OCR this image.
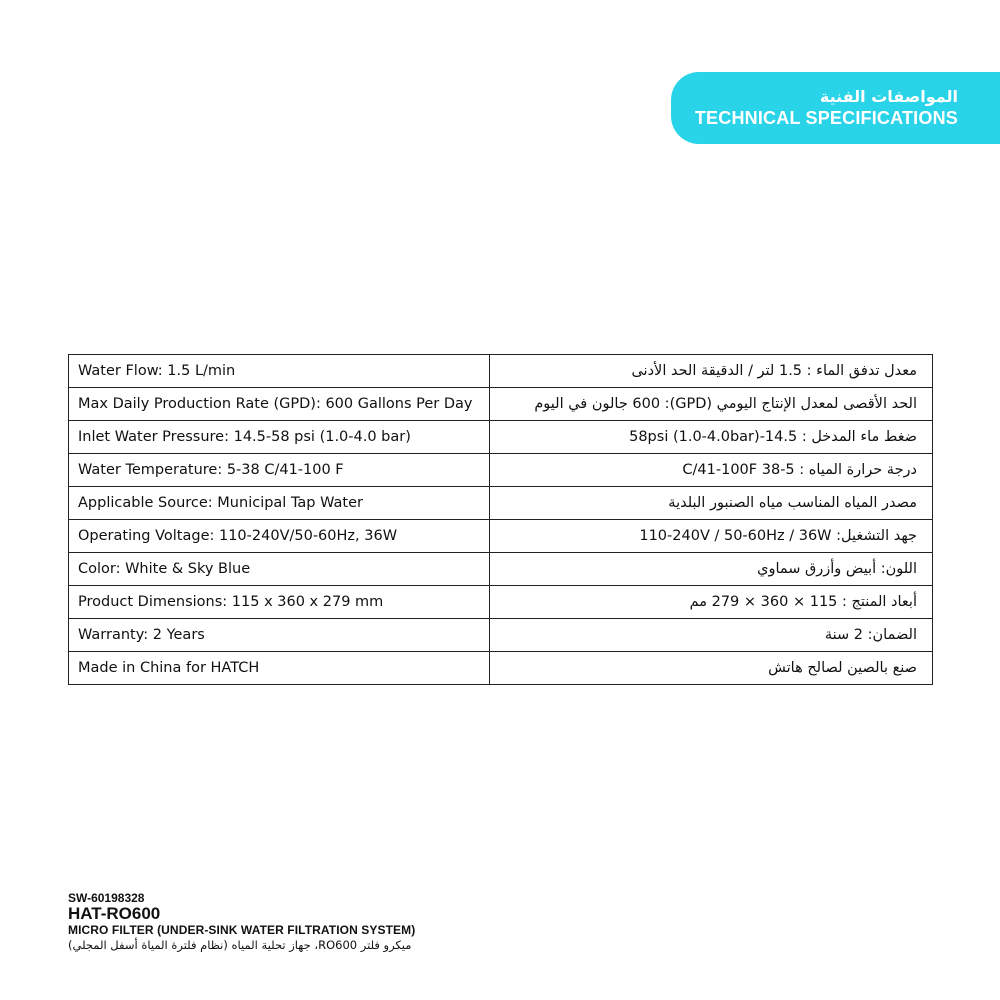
المواصفات الفنية
TECHNICAL SPECIFICATIONS
Water Flow: 1.5 L/min	معدل تدفق الماء : 1.5 لتر / الدقيقة الحد الأدنى
Max Daily Production Rate (GPD): 600 Gallons Per Day	الحد الأقصى لمعدل الإنتاج اليومي (GPD): ‏600 جالون في اليوم
Inlet Water Pressure: 14.5-58 psi (1.0-4.0 bar)	ضغط ماء المدخل : 14.5-58psi (1.0-4.0bar)
Water Temperature: 5-38 C/41-100 F	درجة حرارة المياه : 5-38 C/41-100F
Applicable Source: Municipal Tap Water	مصدر المياه المناسب مياه الصنبور البلدية
Operating Voltage: 110-240V/50-60Hz, 36W	جهد التشغيل: ‎110-240V / 50-60Hz / 36W
Color: White & Sky Blue	اللون: أبيض وأزرق سماوي
Product Dimensions: 115 x 360 x 279 mm	أبعاد المنتج : 115 × 360 × 279 مم
Warranty: 2 Years	الضمان: 2 سنة
Made in China for HATCH	صنع بالصين لصالح هاتش
SW-60198328
HAT-RO600
MICRO FILTER (UNDER-SINK WATER FILTRATION SYSTEM)
ميكرو فلتر RO600، جهاز تحلية المياه (نظام فلترة المياة أسفل المجلي)
